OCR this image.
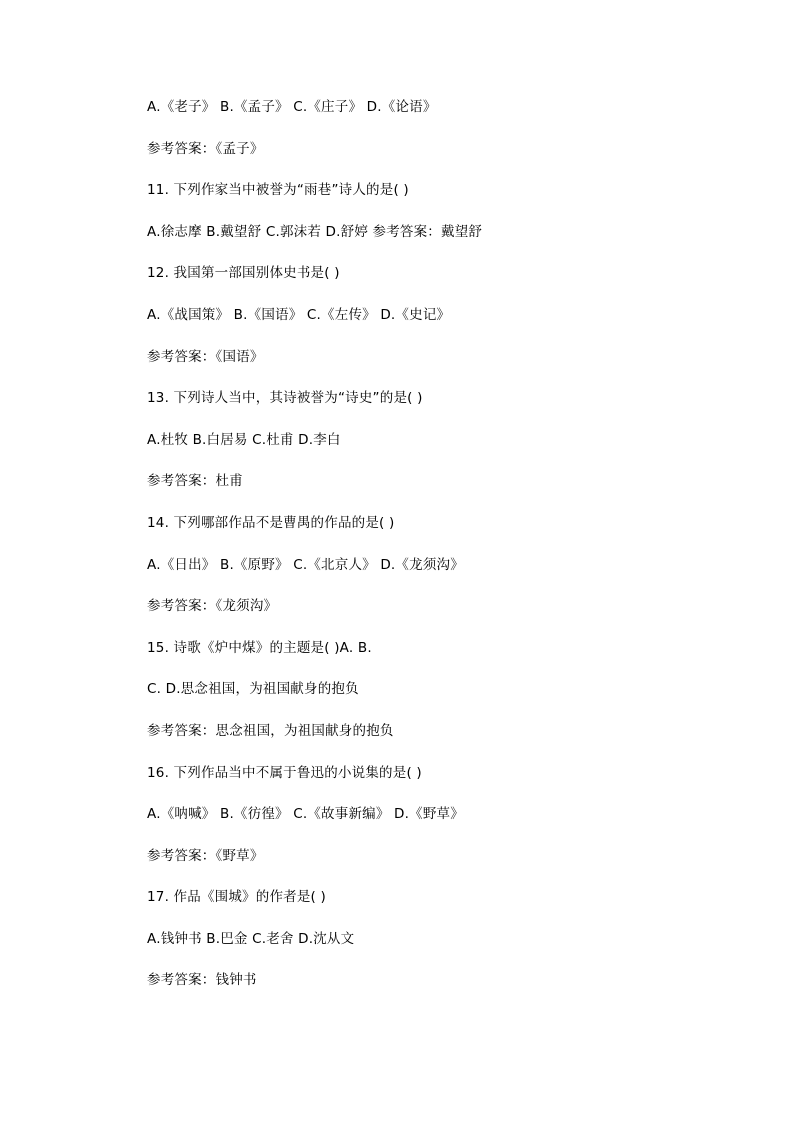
A.《老子》 B.《孟子》 C.《庄子》 D.《论语》
参考答案：《孟子》
11. 下列作家当中被誉为“雨巷”诗人的是( )
A.徐志摩 B.戴望舒 C.郭沫若 D.舒婷 参考答案：戴望舒
12. 我国第一部国别体史书是( )
A.《战国策》 B.《国语》 C.《左传》 D.《史记》
参考答案：《国语》
13. 下列诗人当中，其诗被誉为“诗史”的是( )
A.杜牧 B.白居易 C.杜甫 D.李白
参考答案：杜甫
14. 下列哪部作品不是曹禺的作品的是( )
A.《日出》 B.《原野》 C.《北京人》 D.《龙须沟》
参考答案：《龙须沟》
15. 诗歌《炉中煤》的主题是( )A. B.
C. D.思念祖国，为祖国献身的抱负
参考答案：思念祖国，为祖国献身的抱负
16. 下列作品当中不属于鲁迅的小说集的是( )
A.《呐喊》 B.《彷徨》 C.《故事新编》 D.《野草》
参考答案：《野草》
17. 作品《围城》的作者是( )
A.钱钟书 B.巴金 C.老舍 D.沈从文
参考答案：钱钟书
